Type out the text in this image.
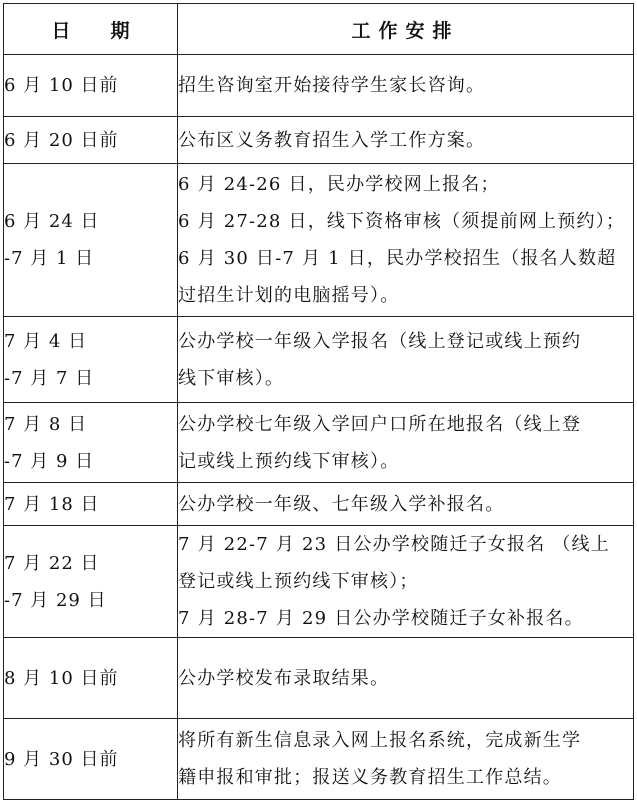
日 期	工作安排

6 月 10 日前	招生咨询室开始接待学生家长咨询。

6 月 20 日前	公布区义务教育招生入学工作方案。

6 月 24 日
-7 月 1 日	6 月 24-26 日，民办学校网上报名；
6 月 27-28 日，线下资格审核（须提前网上预约）；
6 月 30 日-7 月 1 日，民办学校招生（报名人数超
过招生计划的电脑摇号）。

7 月 4 日
-7 月 7 日	公办学校一年级入学报名（线上登记或线上预约
线下审核）。

7 月 8 日
-7 月 9 日	公办学校七年级入学回户口所在地报名（线上登
记或线上预约线下审核）。

7 月 18 日	公办学校一年级、七年级入学补报名。

7 月 22 日
-7 月 29 日	7 月 22-7 月 23 日公办学校随迁子女报名 （线上
登记或线上预约线下审核）；
7 月 28-7 月 29 日公办学校随迁子女补报名。

8 月 10 日前	公办学校发布录取结果。

9 月 30 日前	将所有新生信息录入网上报名系统，完成新生学
籍申报和审批；报送义务教育招生工作总结。
